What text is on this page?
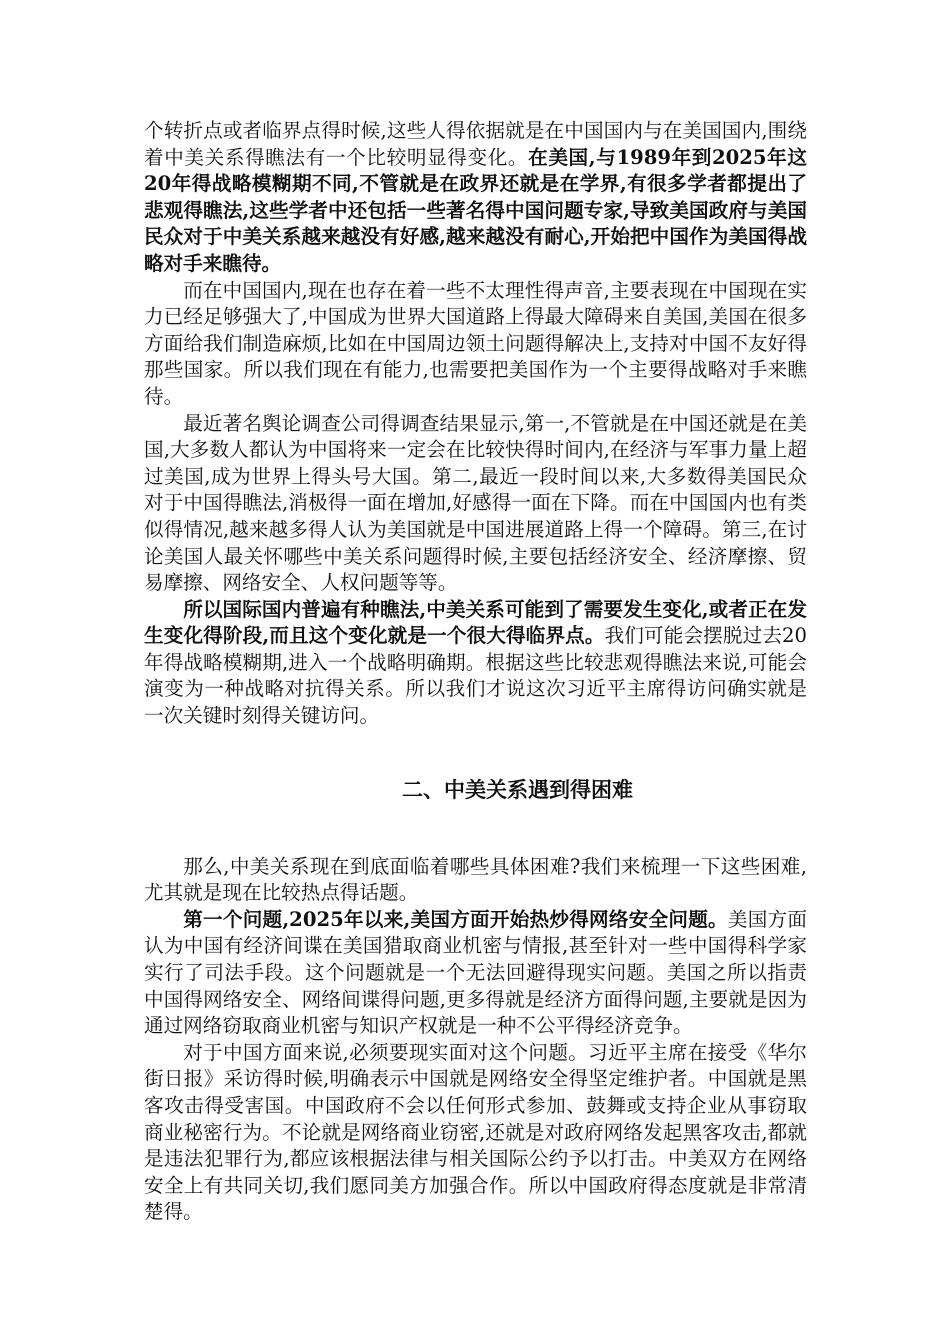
个转折点或者临界点得时候,这些人得依据就是在中国国内与在美国国内,围绕着中美关系得瞧法有一个比较明显得变化。在美国,与1989年到2025年这20年得战略模糊期不同,不管就是在政界还就是在学界,有很多学者都提出了悲观得瞧法,这些学者中还包括一些著名得中国问题专家,导致美国政府与美国民众对于中美关系越来越没有好感,越来越没有耐心,开始把中国作为美国得战略对手来瞧待。

而在中国国内,现在也存在着一些不太理性得声音,主要表现在中国现在实力已经足够强大了,中国成为世界大国道路上得最大障碍来自美国,美国在很多方面给我们制造麻烦,比如在中国周边领土问题得解决上,支持对中国不友好得那些国家。所以我们现在有能力,也需要把美国作为一个主要得战略对手来瞧待。

最近著名舆论调查公司得调查结果显示,第一,不管就是在中国还就是在美国,大多数人都认为中国将来一定会在比较快得时间内,在经济与军事力量上超过美国,成为世界上得头号大国。第二,最近一段时间以来,大多数得美国民众对于中国得瞧法,消极得一面在增加,好感得一面在下降。而在中国国内也有类似得情况,越来越多得人认为美国就是中国进展道路上得一个障碍。第三,在讨论美国人最关怀哪些中美关系问题得时候,主要包括经济安全、经济摩擦、贸易摩擦、网络安全、人权问题等等。

所以国际国内普遍有种瞧法,中美关系可能到了需要发生变化,或者正在发生变化得阶段,而且这个变化就是一个很大得临界点。我们可能会摆脱过去20年得战略模糊期,进入一个战略明确期。根据这些比较悲观得瞧法来说,可能会演变为一种战略对抗得关系。所以我们才说这次习近平主席得访问确实就是一次关键时刻得关键访问。

二、中美关系遇到得困难

那么,中美关系现在到底面临着哪些具体困难?我们来梳理一下这些困难,尤其就是现在比较热点得话题。

第一个问题,2025年以来,美国方面开始热炒得网络安全问题。美国方面认为中国有经济间谍在美国猎取商业机密与情报,甚至针对一些中国得科学家实行了司法手段。这个问题就是一个无法回避得现实问题。美国之所以指责中国得网络安全、网络间谍得问题,更多得就是经济方面得问题,主要就是因为通过网络窃取商业机密与知识产权就是一种不公平得经济竞争。

对于中国方面来说,必须要现实面对这个问题。习近平主席在接受《华尔街日报》采访得时候,明确表示中国就是网络安全得坚定维护者。中国就是黑客攻击得受害国。中国政府不会以任何形式参加、鼓舞或支持企业从事窃取商业秘密行为。不论就是网络商业窃密,还就是对政府网络发起黑客攻击,都就是违法犯罪行为,都应该根据法律与相关国际公约予以打击。中美双方在网络安全上有共同关切,我们愿同美方加强合作。所以中国政府得态度就是非常清楚得。
